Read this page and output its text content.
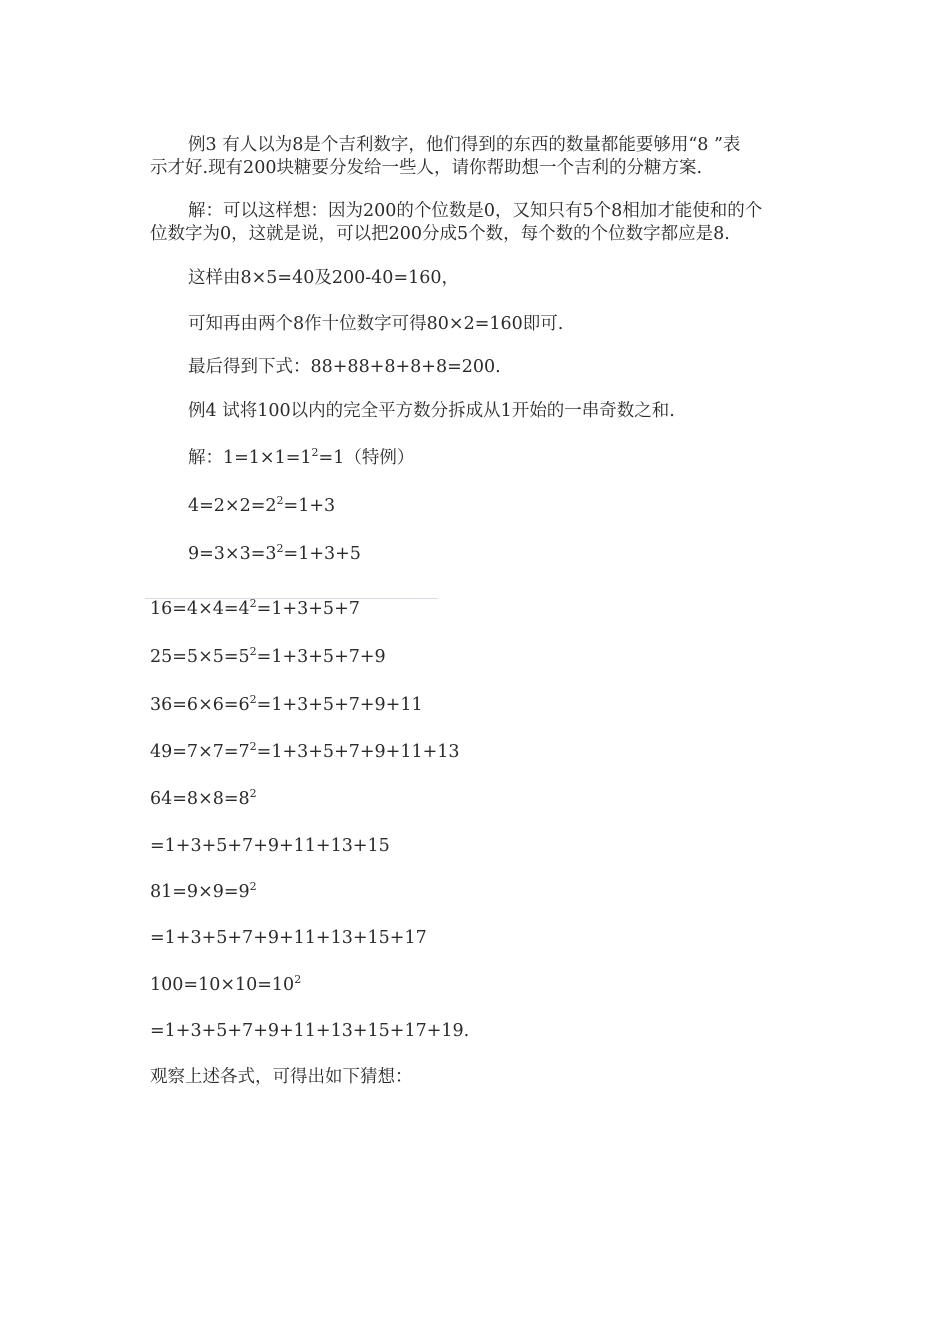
例3 有人以为8是个吉利数字，他们得到的东西的数量都能要够用“8 ”表
示才好.现有200块糖要分发给一些人，请你帮助想一个吉利的分糖方案.
解：可以这样想：因为200的个位数是0，又知只有5个8相加才能使和的个
位数字为0，这就是说，可以把200分成5个数，每个数的个位数字都应是8.
这样由8×5=40及200-40=160，
可知再由两个8作十位数字可得80×2=160即可.
最后得到下式：88+88+8+8+8=200.
例4 试将100以内的完全平方数分拆成从1开始的一串奇数之和.
解：$1=1\times 1=1^2=1$（特例）
$4=2\times 2=2^2=1+3$
$9=3\times 3=3^2=1+3+5$
$16=4\times 4=4^2=1+3+5+7$
$25=5\times 5=5^2=1+3+5+7+9$
$36=6\times 6=6^2=1+3+5+7+9+11$
$49=7\times 7=7^2=1+3+5+7+9+11+13$
$64=8\times 8=8^2$
=1+3+5+7+9+11+13+15
$81=9\times 9=9^2$
=1+3+5+7+9+11+13+15+17
$100=10\times 10=10^2$
=1+3+5+7+9+11+13+15+17+19.
观察上述各式，可得出如下猜想：
